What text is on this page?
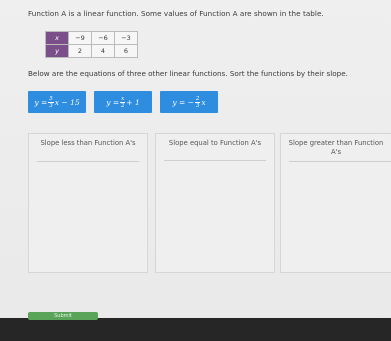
Function A is a linear function. Some values of Function A are shown in the table.
x	−9	−6	−3
y	2	4	6
Below are the equations of three other linear functions. Sort the functions by their slope.
$y = \frac{5}{3}$ x − 15	$y = \frac{x}{2} + 1$	y = − $\frac{2}{3}$ x
Slope less than Function A's	Slope equal to Function A's	Slope greater than Function A's
Submit
